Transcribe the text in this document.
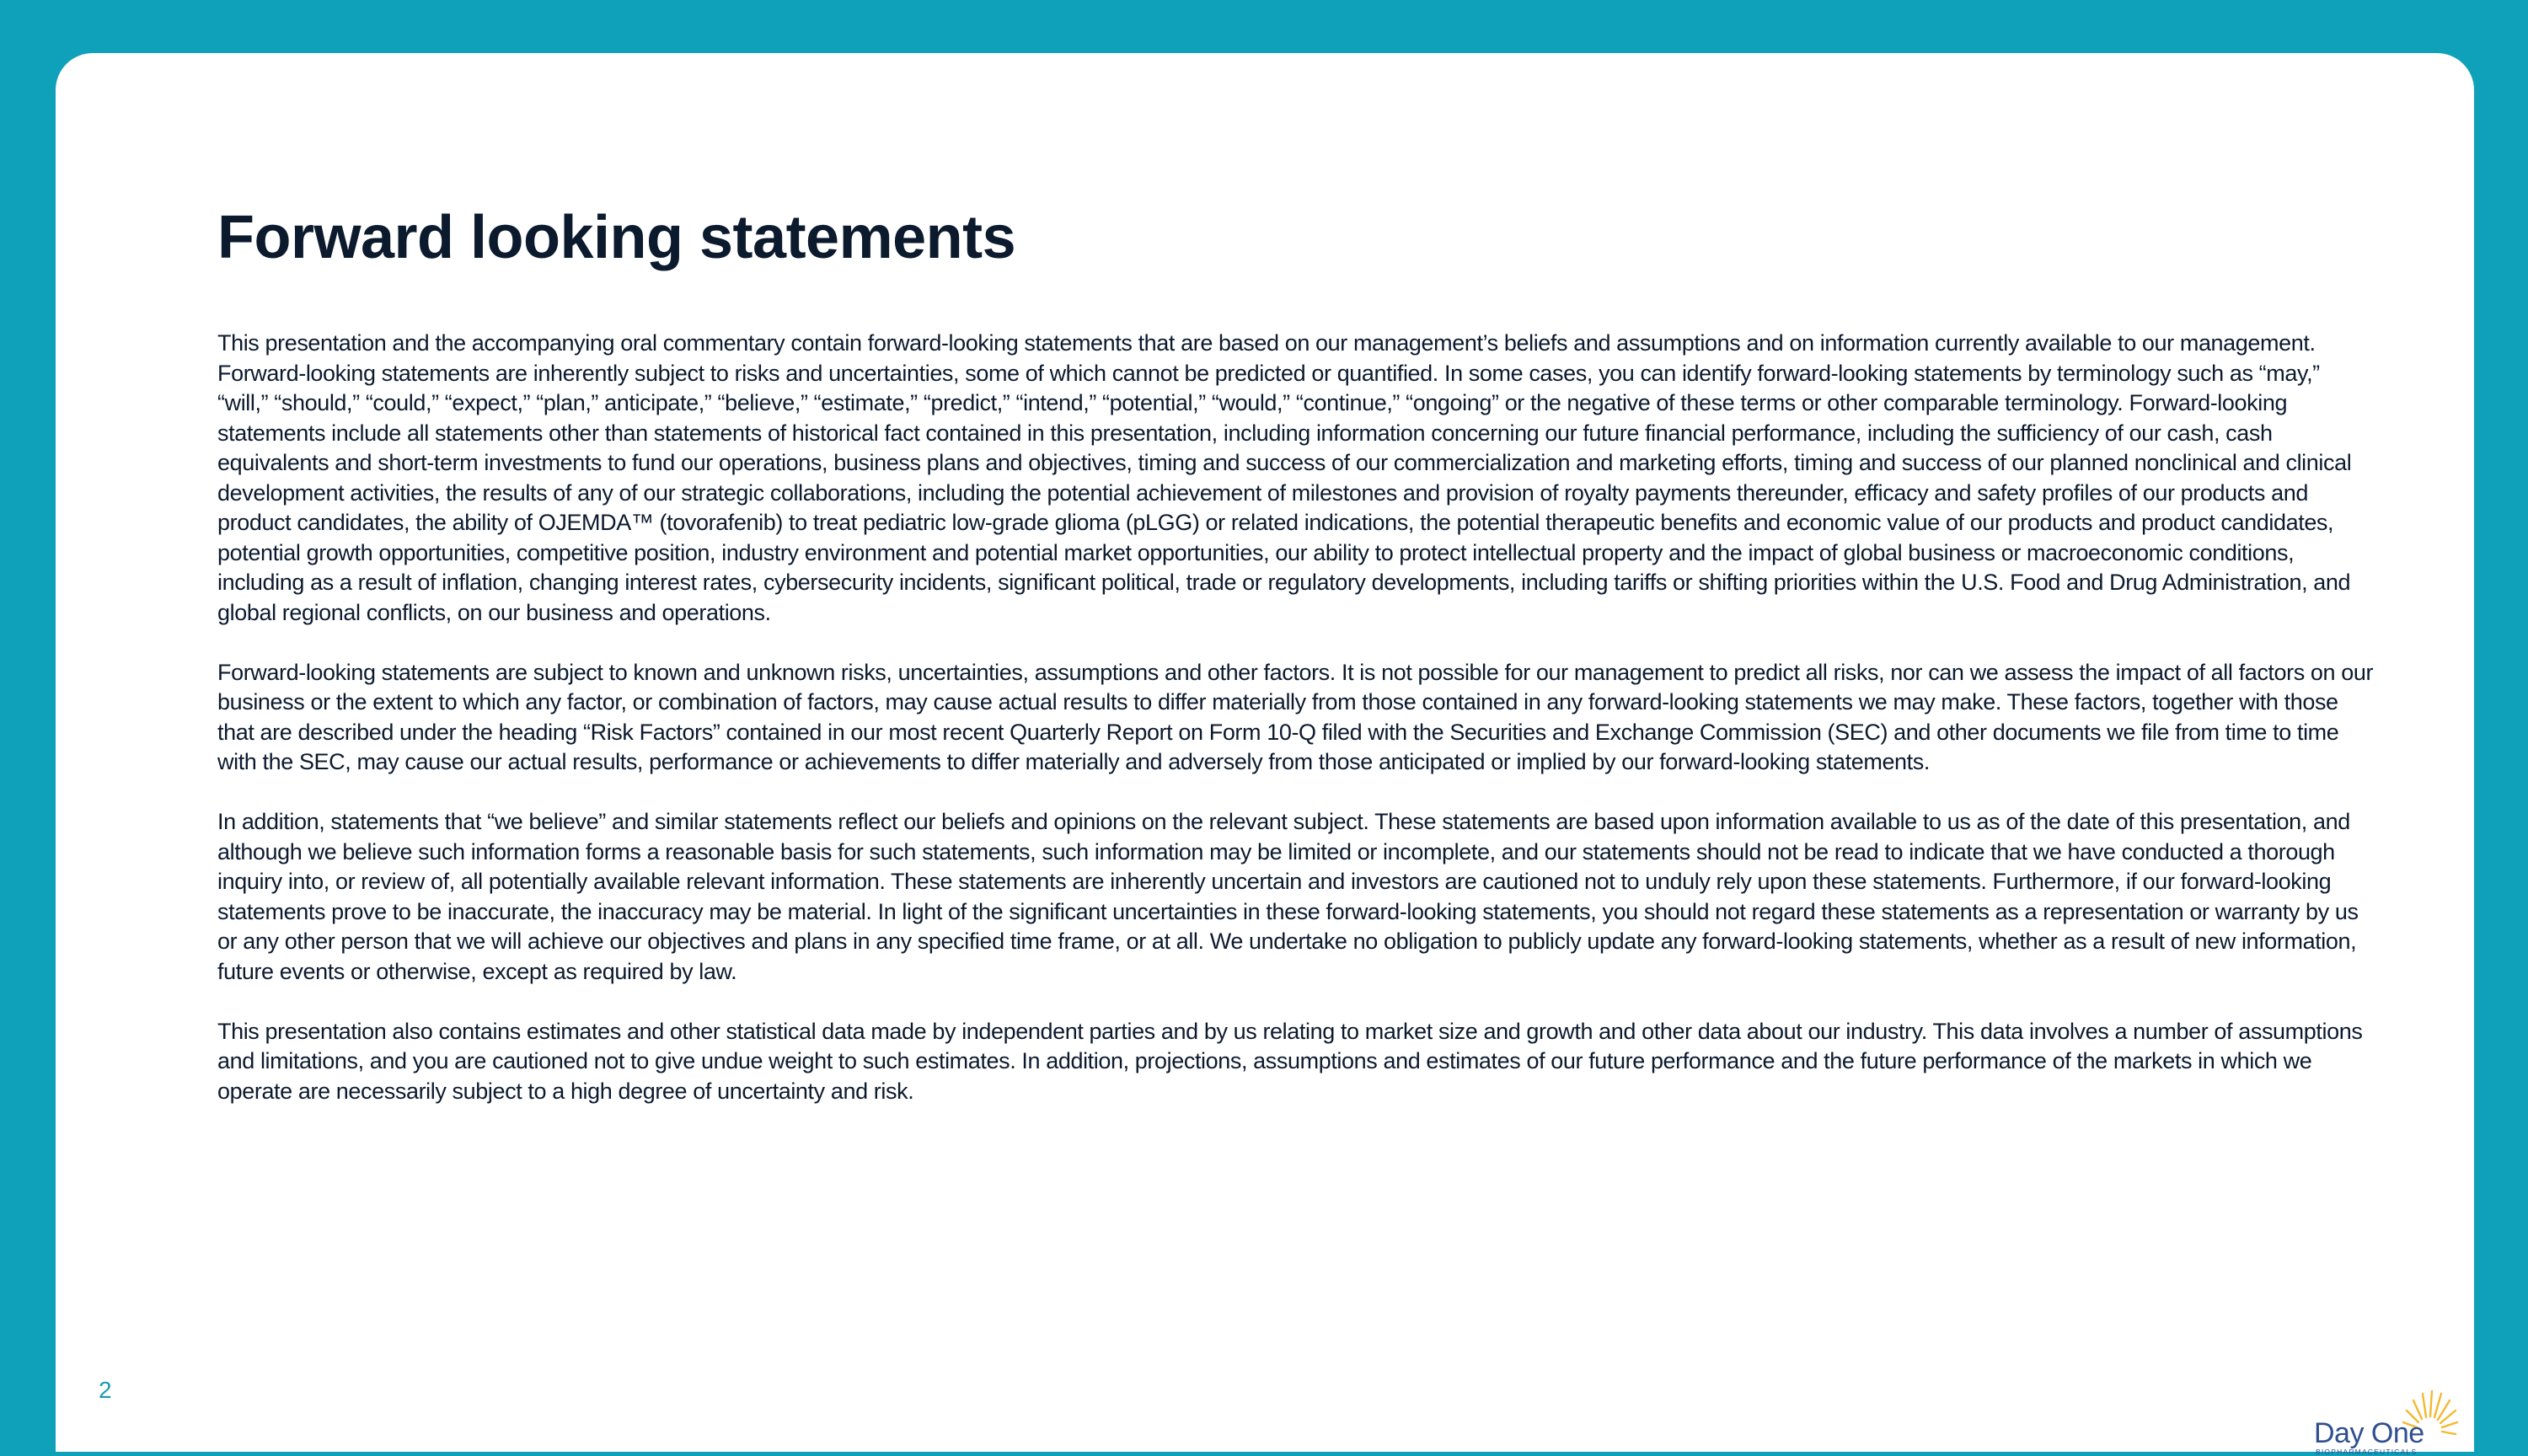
Forward looking statements

This presentation and the accompanying oral commentary contain forward-looking statements that are based on our management’s beliefs and assumptions and on information currently available to our management. Forward-looking statements are inherently subject to risks and uncertainties, some of which cannot be predicted or quantified. In some cases, you can identify forward-looking statements by terminology such as “may,” “will,” “should,” “could,” “expect,” “plan,” anticipate,” “believe,” “estimate,” “predict,” “intend,” “potential,” “would,” “continue,” “ongoing” or the negative of these terms or other comparable terminology. Forward-looking statements include all statements other than statements of historical fact contained in this presentation, including information concerning our future financial performance, including the sufficiency of our cash, cash equivalents and short-term investments to fund our operations, business plans and objectives, timing and success of our commercialization and marketing efforts, timing and success of our planned nonclinical and clinical development activities, the results of any of our strategic collaborations, including the potential achievement of milestones and provision of royalty payments thereunder, efficacy and safety profiles of our products and product candidates, the ability of OJEMDA™ (tovorafenib) to treat pediatric low-grade glioma (pLGG) or related indications, the potential therapeutic benefits and economic value of our products and product candidates, potential growth opportunities, competitive position, industry environment and potential market opportunities, our ability to protect intellectual property and the impact of global business or macroeconomic conditions, including as a result of inflation, changing interest rates, cybersecurity incidents, significant political, trade or regulatory developments, including tariffs or shifting priorities within the U.S. Food and Drug Administration, and global regional conflicts, on our business and operations.

Forward-looking statements are subject to known and unknown risks, uncertainties, assumptions and other factors. It is not possible for our management to predict all risks, nor can we assess the impact of all factors on our business or the extent to which any factor, or combination of factors, may cause actual results to differ materially from those contained in any forward-looking statements we may make. These factors, together with those that are described under the heading “Risk Factors” contained in our most recent Quarterly Report on Form 10-Q filed with the Securities and Exchange Commission (SEC) and other documents we file from time to time with the SEC, may cause our actual results, performance or achievements to differ materially and adversely from those anticipated or implied by our forward-looking statements.

In addition, statements that “we believe” and similar statements reflect our beliefs and opinions on the relevant subject. These statements are based upon information available to us as of the date of this presentation, and although we believe such information forms a reasonable basis for such statements, such information may be limited or incomplete, and our statements should not be read to indicate that we have conducted a thorough inquiry into, or review of, all potentially available relevant information. These statements are inherently uncertain and investors are cautioned not to unduly rely upon these statements. Furthermore, if our forward-looking statements prove to be inaccurate, the inaccuracy may be material. In light of the significant uncertainties in these forward-looking statements, you should not regard these statements as a representation or warranty by us or any other person that we will achieve our objectives and plans in any specified time frame, or at all. We undertake no obligation to publicly update any forward-looking statements, whether as a result of new information, future events or otherwise, except as required by law.

This presentation also contains estimates and other statistical data made by independent parties and by us relating to market size and growth and other data about our industry. This data involves a number of assumptions and limitations, and you are cautioned not to give undue weight to such estimates. In addition, projections, assumptions and estimates of our future performance and the future performance of the markets in which we operate are necessarily subject to a high degree of uncertainty and risk.

Day One
BIOPHARMACEUTICALS
2
